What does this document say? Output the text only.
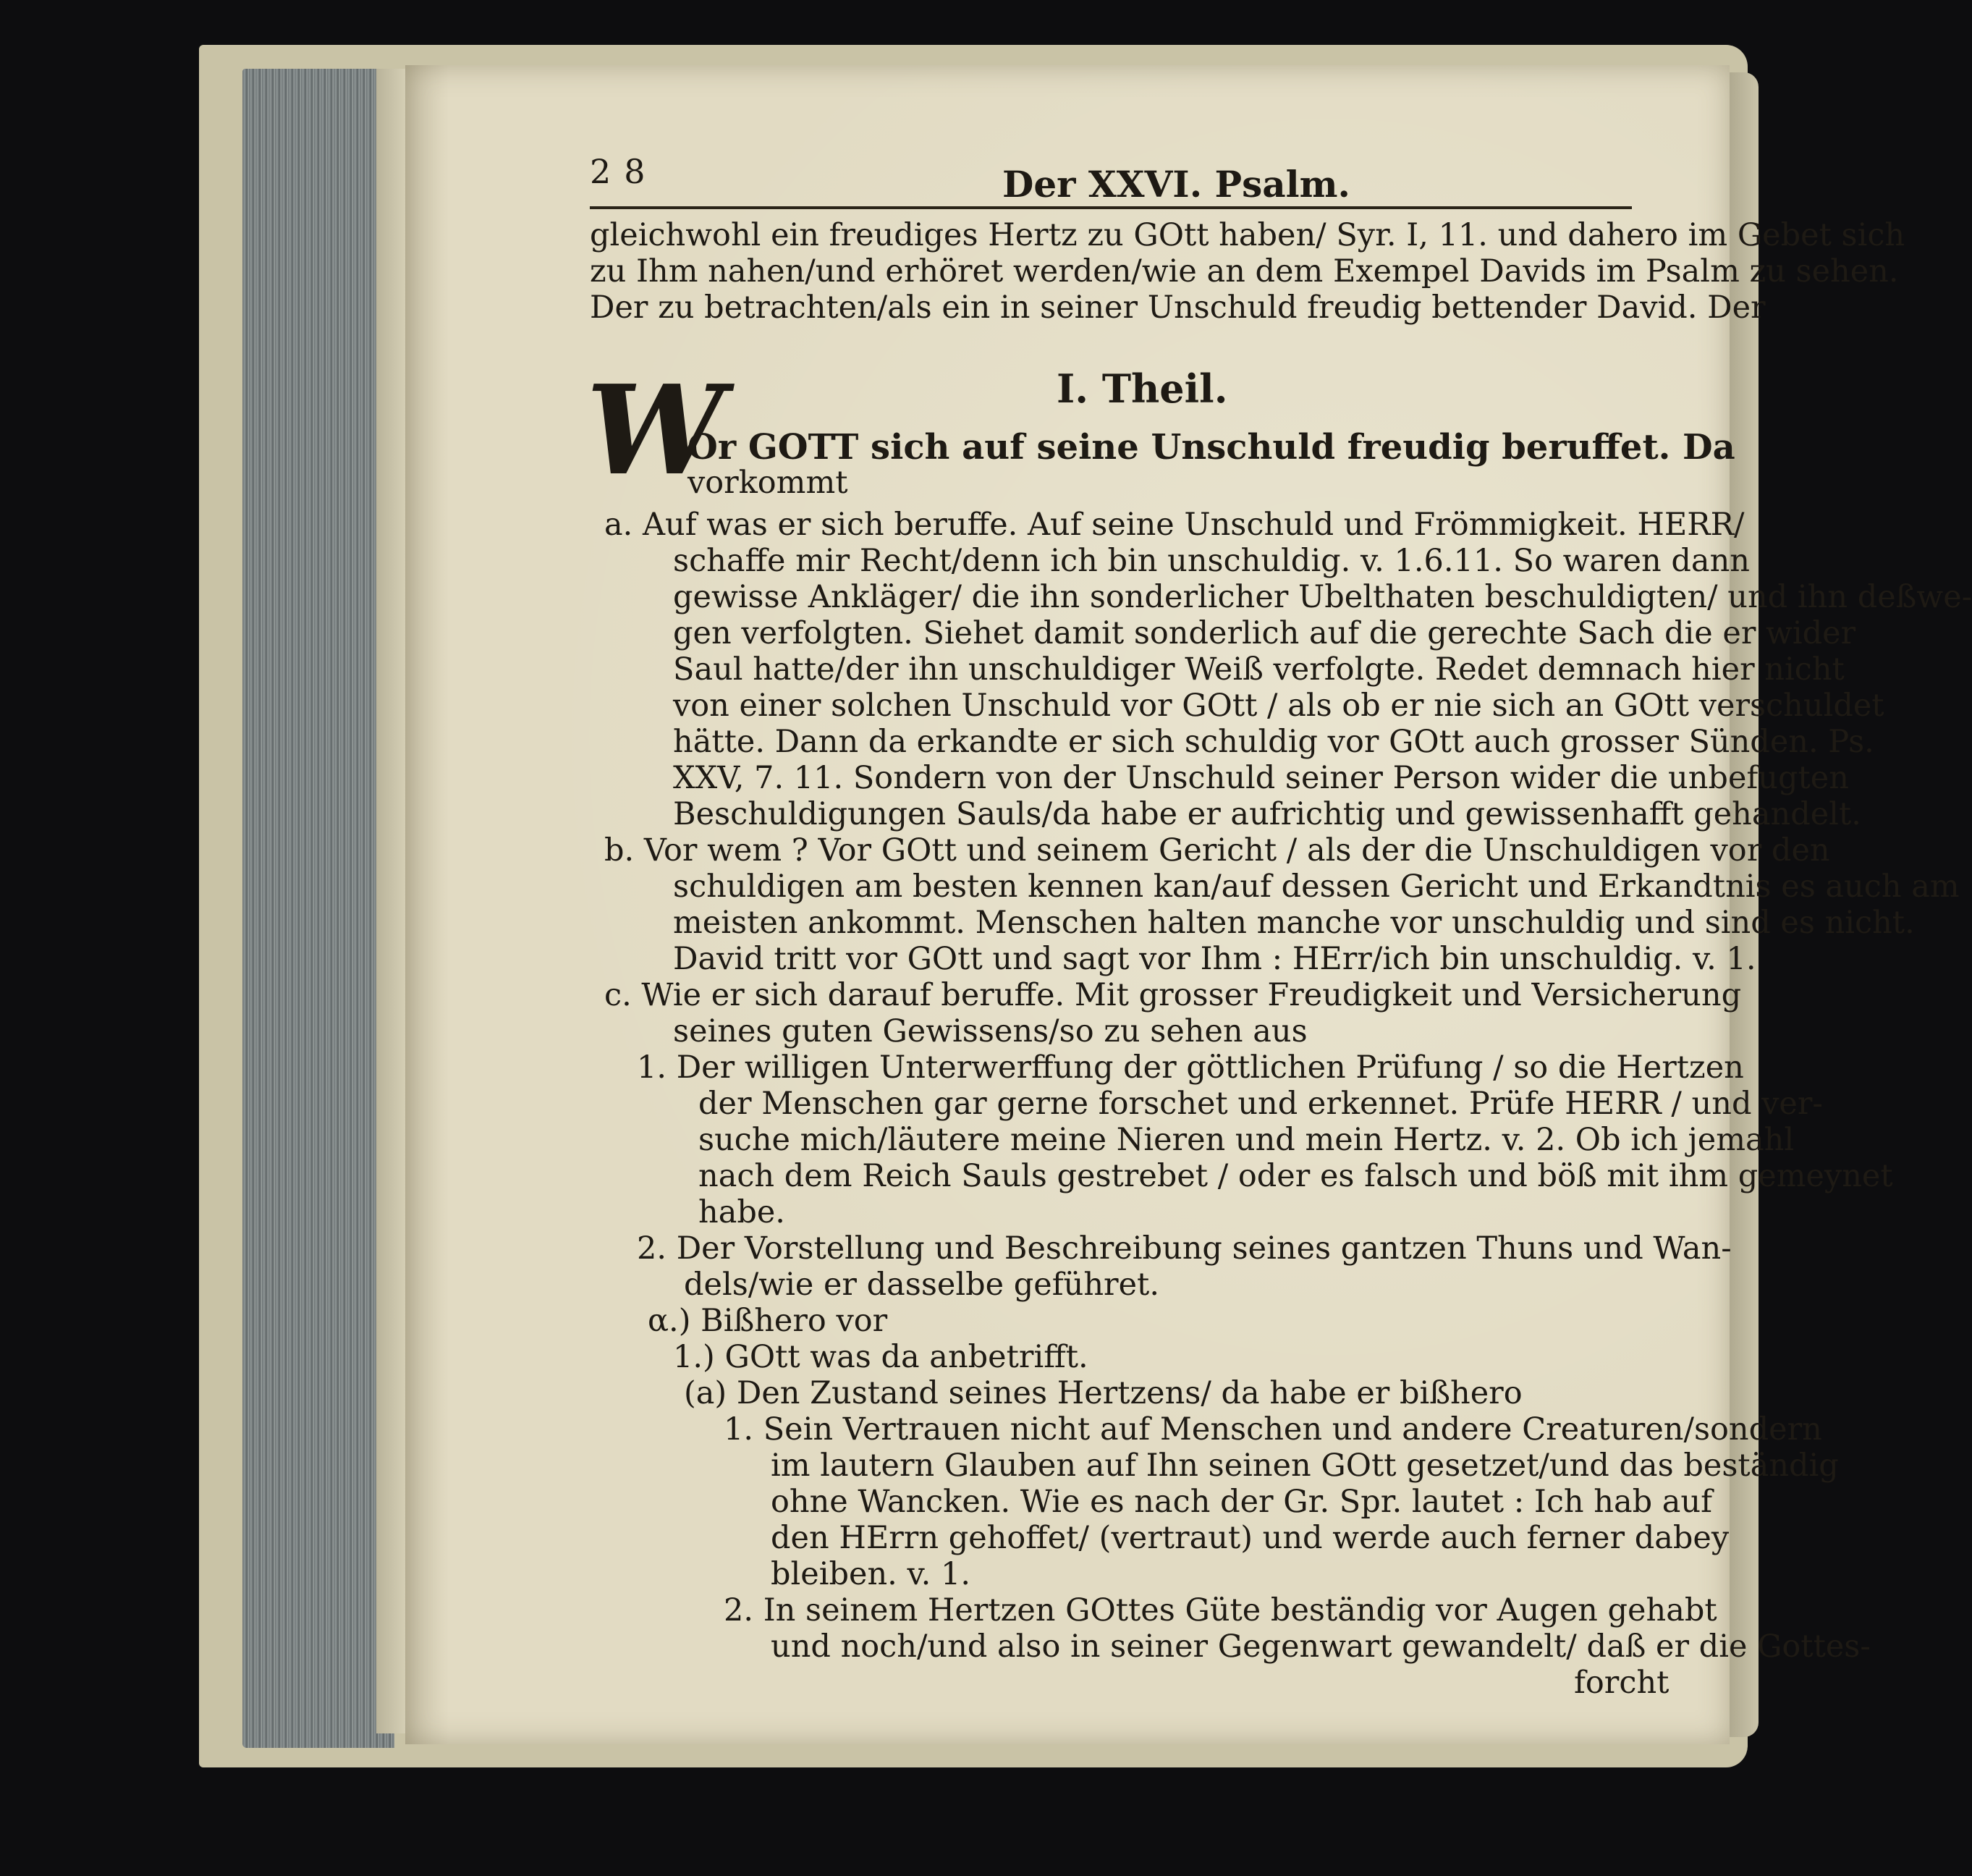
28	Der XXVI. Psalm.
gleichwohl ein freudiges Hertz zu GOtt haben/ Syr. I, 11. und dahero im Gebet sich
zu Ihm nahen/und erhöret werden/wie an dem Exempel Davids im Psalm zu sehen.
Der zu betrachten/als ein in seiner Unschuld freudig bettender David. Der
I. Theil.
W
Or GOTT sich auf seine Unschuld freudig beruffet. Da
vorkommt
a. Auf was er sich beruffe. Auf seine Unschuld und Frömmigkeit. HERR/
schaffe mir Recht/denn ich bin unschuldig. v. 1.6.11. So waren dann
gewisse Ankläger/ die ihn sonderlicher Ubelthaten beschuldigten/ und ihn deßwe-
gen verfolgten. Siehet damit sonderlich auf die gerechte Sach die er wider
Saul hatte/der ihn unschuldiger Weiß verfolgte. Redet demnach hier nicht
von einer solchen Unschuld vor GOtt / als ob er nie sich an GOtt verschuldet
hätte. Dann da erkandte er sich schuldig vor GOtt auch grosser Sünden. Ps.
XXV, 7. 11. Sondern von der Unschuld seiner Person wider die unbefugten
Beschuldigungen Sauls/da habe er aufrichtig und gewissenhafft gehandelt.
b. Vor wem ? Vor GOtt und seinem Gericht / als der die Unschuldigen vor den
schuldigen am besten kennen kan/auf dessen Gericht und Erkandtnis es auch am
meisten ankommt. Menschen halten manche vor unschuldig und sind es nicht.
David tritt vor GOtt und sagt vor Ihm : HErr/ich bin unschuldig. v. 1.
c. Wie er sich darauf beruffe. Mit grosser Freudigkeit und Versicherung
seines guten Gewissens/so zu sehen aus
1. Der willigen Unterwerffung der göttlichen Prüfung / so die Hertzen
der Menschen gar gerne forschet und erkennet. Prüfe HERR / und ver-
suche mich/läutere meine Nieren und mein Hertz. v. 2. Ob ich jemahl
nach dem Reich Sauls gestrebet / oder es falsch und böß mit ihm gemeynet
habe.
2. Der Vorstellung und Beschreibung seines gantzen Thuns und Wan-
dels/wie er dasselbe geführet.
α.) Bißhero vor
1.) GOtt was da anbetrifft.
(a) Den Zustand seines Hertzens/ da habe er bißhero
1. Sein Vertrauen nicht auf Menschen und andere Creaturen/sondern
im lautern Glauben auf Ihn seinen GOtt gesetzet/und das beständig
ohne Wancken. Wie es nach der Gr. Spr. lautet : Ich hab auf
den HErrn gehoffet/ (vertraut) und werde auch ferner dabey
bleiben. v. 1.
2. In seinem Hertzen GOttes Güte beständig vor Augen gehabt
und noch/und also in seiner Gegenwart gewandelt/ daß er die Gottes-
forcht
